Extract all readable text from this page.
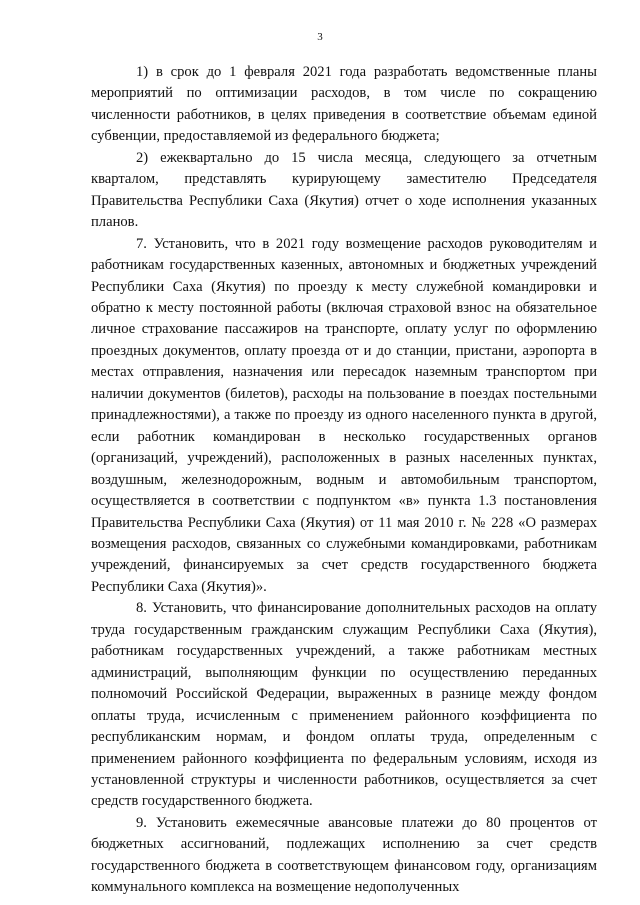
3

1) в срок до 1 февраля 2021 года разработать ведомственные планы мероприятий по оптимизации расходов, в том числе по сокращению численности работников, в целях приведения в соответствие объемам единой субвенции, предоставляемой из федерального бюджета;

2) ежеквартально до 15 числа месяца, следующего за отчетным кварталом, представлять курирующему заместителю Председателя Правительства Республики Саха (Якутия) отчет о ходе исполнения указанных планов.

7. Установить, что в 2021 году возмещение расходов руководителям и работникам государственных казенных, автономных и бюджетных учреждений Республики Саха (Якутия) по проезду к месту служебной командировки и обратно к месту постоянной работы (включая страховой взнос на обязательное личное страхование пассажиров на транспорте, оплату услуг по оформлению проездных документов, оплату проезда от и до станции, пристани, аэропорта в местах отправления, назначения или пересадок наземным транспортом при наличии документов (билетов), расходы на пользование в поездах постельными принадлежностями), а также по проезду из одного населенного пункта в другой, если работник командирован в несколько государственных органов (организаций, учреждений), расположенных в разных населенных пунктах, воздушным, железнодорожным, водным и автомобильным транспортом, осуществляется в соответствии с подпунктом «в» пункта 1.3 постановления Правительства Республики Саха (Якутия) от 11 мая 2010 г. № 228 «О размерах возмещения расходов, связанных со служебными командировками, работникам учреждений, финансируемых за счет средств государственного бюджета Республики Саха (Якутия)».

8. Установить, что финансирование дополнительных расходов на оплату труда государственным гражданским служащим Республики Саха (Якутия), работникам государственных учреждений, а также работникам местных администраций, выполняющим функции по осуществлению переданных полномочий Российской Федерации, выраженных в разнице между фондом оплаты труда, исчисленным с применением районного коэффициента по республиканским нормам, и фондом оплаты труда, определенным с применением районного коэффициента по федеральным условиям, исходя из установленной структуры и численности работников, осуществляется за счет средств государственного бюджета.

9. Установить ежемесячные авансовые платежи до 80 процентов от бюджетных ассигнований, подлежащих исполнению за счет средств государственного бюджета в соответствующем финансовом году, организациям коммунального комплекса на возмещение недополученных
